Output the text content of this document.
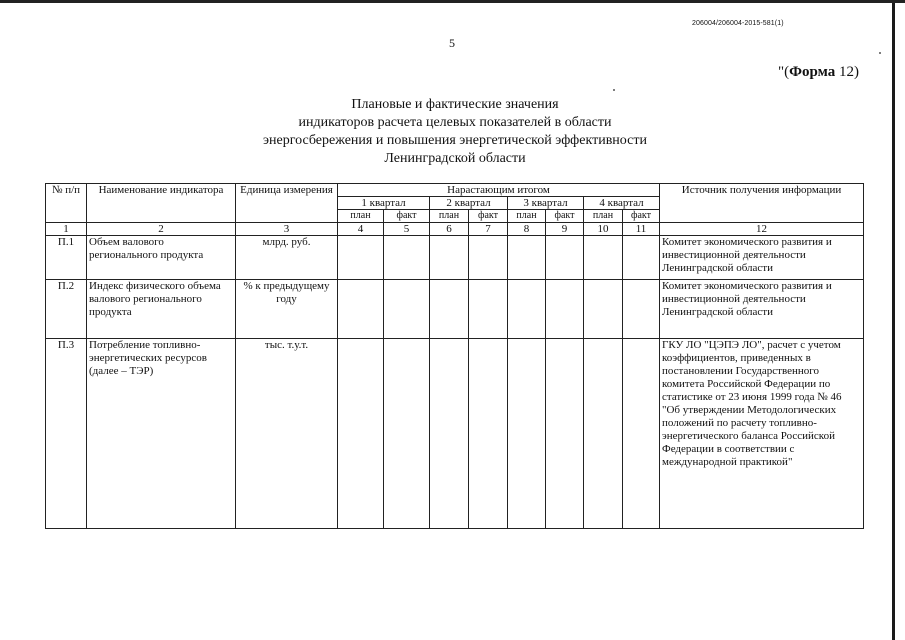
206004/206004-2015-581(1)
5
"(Форма 12)
Плановые и фактические значения
индикаторов расчета целевых показателей в области
энергосбережения и повышения энергетической эффективности
Ленинградской области
№ п/п	Наименование индикатора	Единица измерения	Нарастающим итогом								Источник получения информации
			1 квартал		2 квартал		3 квартал		4 квартал		
			план	факт	план	факт	план	факт	план	факт	
1	2	3	4	5	6	7	8	9	10	11	12
П.1	Объем валового регионального продукта	млрд. руб.									Комитет экономического развития и инвестиционной деятельности Ленинградской области
П.2	Индекс физического объема валового регионального продукта	% к предыдущему году									Комитет экономического развития и инвестиционной деятельности Ленинградской области
П.3	Потребление топливно-энергетических ресурсов (далее – ТЭР)	тыс. т.у.т.									ГКУ ЛО "ЦЭПЭ ЛО", расчет с учетом коэффициентов, приведенных в постановлении Государственного комитета Российской Федерации по статистике от 23 июня 1999 года № 46 "Об утверждении Методологических положений по расчету топливно-энергетического баланса Российской Федерации в соответствии с международной практикой"
